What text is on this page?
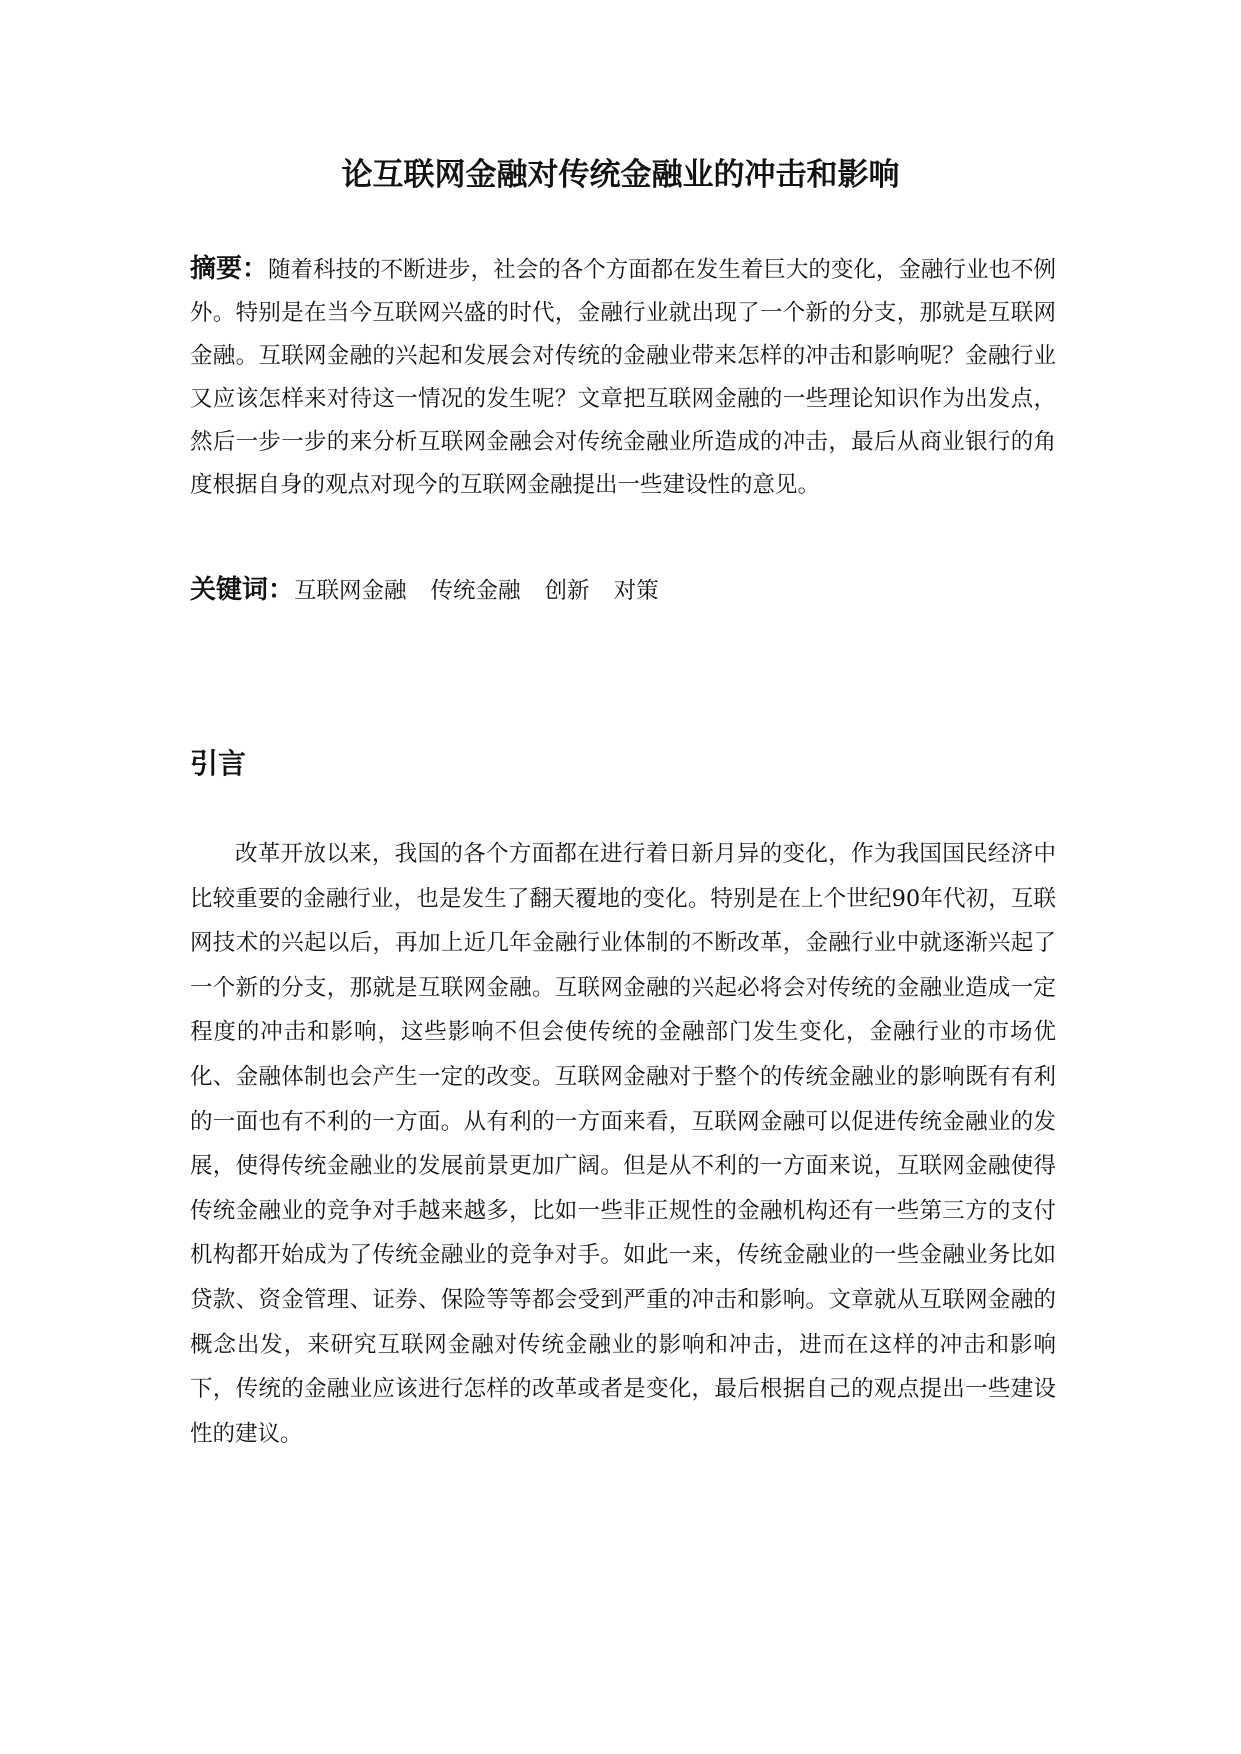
论互联网金融对传统金融业的冲击和影响

摘要：随着科技的不断进步，社会的各个方面都在发生着巨大的变化，金融行业也不例外。特别是在当今互联网兴盛的时代，金融行业就出现了一个新的分支，那就是互联网金融。互联网金融的兴起和发展会对传统的金融业带来怎样的冲击和影响呢？金融行业又应该怎样来对待这一情况的发生呢？文章把互联网金融的一些理论知识作为出发点，然后一步一步的来分析互联网金融会对传统金融业所造成的冲击，最后从商业银行的角度根据自身的观点对现今的互联网金融提出一些建设性的意见。

关键词：互联网金融 传统金融 创新 对策

引言

改革开放以来，我国的各个方面都在进行着日新月异的变化，作为我国国民经济中比较重要的金融行业，也是发生了翻天覆地的变化。特别是在上个世纪90年代初，互联网技术的兴起以后，再加上近几年金融行业体制的不断改革，金融行业中就逐渐兴起了一个新的分支，那就是互联网金融。互联网金融的兴起必将会对传统的金融业造成一定程度的冲击和影响，这些影响不但会使传统的金融部门发生变化，金融行业的市场优化、金融体制也会产生一定的改变。互联网金融对于整个的传统金融业的影响既有有利的一面也有不利的一方面。从有利的一方面来看，互联网金融可以促进传统金融业的发展，使得传统金融业的发展前景更加广阔。但是从不利的一方面来说，互联网金融使得传统金融业的竞争对手越来越多，比如一些非正规性的金融机构还有一些第三方的支付机构都开始成为了传统金融业的竞争对手。如此一来，传统金融业的一些金融业务比如贷款、资金管理、证券、保险等等都会受到严重的冲击和影响。文章就从互联网金融的概念出发，来研究互联网金融对传统金融业的影响和冲击，进而在这样的冲击和影响下，传统的金融业应该进行怎样的改革或者是变化，最后根据自己的观点提出一些建设性的建议。
